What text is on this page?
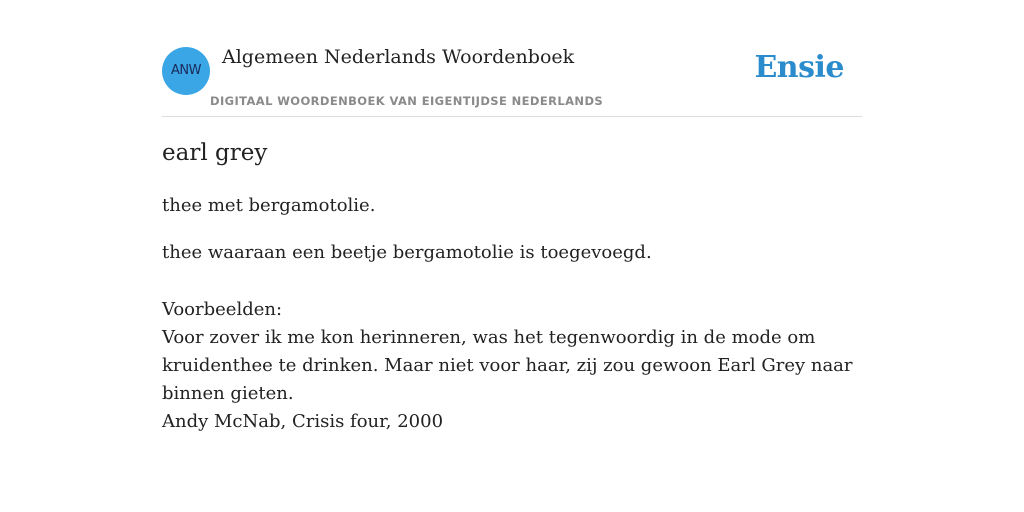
ANW
Algemeen Nederlands Woordenboek
DIGITAAL WOORDENBOEK VAN EIGENTIJDSE NEDERLANDS
Ensie
earl grey
thee met bergamotolie.
thee waaraan een beetje bergamotolie is toegevoegd.
Voorbeelden:
Voor zover ik me kon herinneren, was het tegenwoordig in de mode om
kruidenthee te drinken. Maar niet voor haar, zij zou gewoon Earl Grey naar
binnen gieten.
Andy McNab, Crisis four, 2000
